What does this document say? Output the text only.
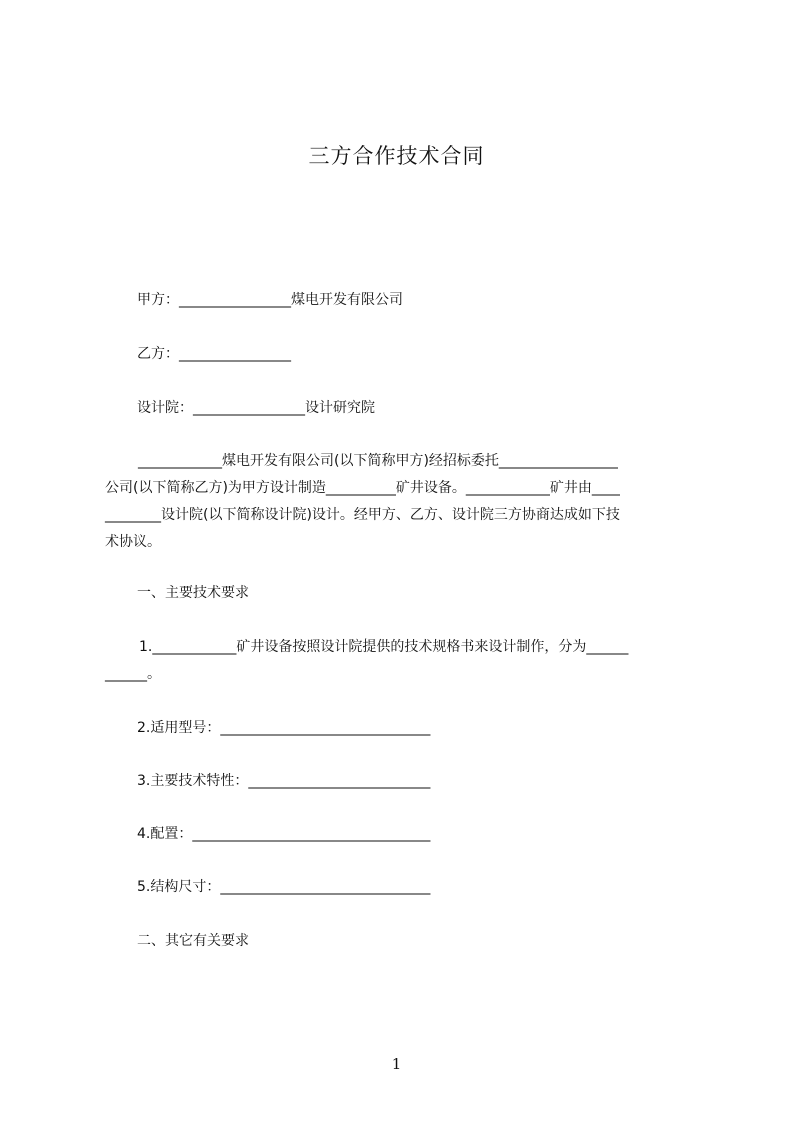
三方合作技术合同
甲方：________________煤电开发有限公司
乙方：________________
设计院：________________设计研究院
____________煤电开发有限公司(以下简称甲方)经招标委托_________________
公司(以下简称乙方)为甲方设计制造__________矿井设备。____________矿井由____
________设计院(以下简称设计院)设计。经甲方、乙方、设计院三方协商达成如下技
术协议。
一、主要技术要求
1.____________矿井设备按照设计院提供的技术规格书来设计制作，分为______
______。
2.适用型号：______________________________
3.主要技术特性：__________________________
4.配置：__________________________________
5.结构尺寸：______________________________
二、其它有关要求
1
